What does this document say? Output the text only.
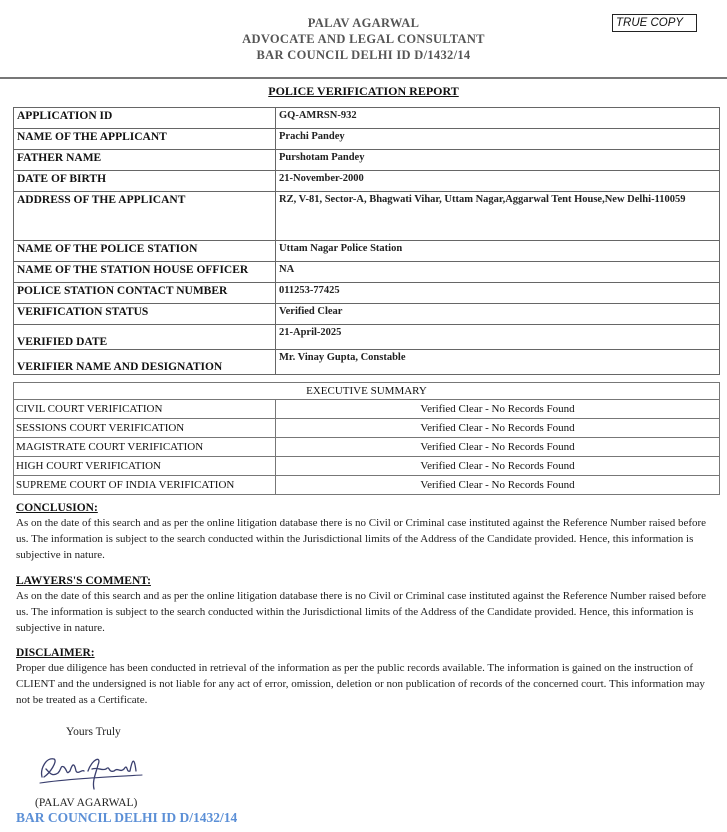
PALAV AGARWAL
ADVOCATE AND LEGAL CONSULTANT
BAR COUNCIL DELHI ID D/1432/14
TRUE COPY
POLICE VERIFICATION REPORT
APPLICATION ID	GQ-AMRSN-932
NAME OF THE APPLICANT	Prachi Pandey
FATHER NAME	Purshotam Pandey
DATE OF BIRTH	21-November-2000
ADDRESS OF THE APPLICANT	RZ, V-81, Sector-A, Bhagwati Vihar, Uttam Nagar,Aggarwal Tent House,New Delhi-110059
NAME OF THE POLICE STATION	Uttam Nagar Police Station
NAME OF THE STATION HOUSE OFFICER	NA
POLICE STATION CONTACT NUMBER	011253-77425
VERIFICATION STATUS	Verified Clear
VERIFIED DATE	21-April-2025
VERIFIER NAME AND DESIGNATION	Mr. Vinay Gupta, Constable
EXECUTIVE SUMMARY	
CIVIL COURT VERIFICATION	Verified Clear - No Records Found
SESSIONS COURT VERIFICATION	Verified Clear - No Records Found
MAGISTRATE COURT VERIFICATION	Verified Clear - No Records Found
HIGH COURT VERIFICATION	Verified Clear - No Records Found
SUPREME COURT OF INDIA VERIFICATION	Verified Clear - No Records Found
CONCLUSION:
As on the date of this search and as per the online litigation database there is no Civil or Criminal case instituted against the Reference Number raised before us. The information is subject to the search conducted within the Jurisdictional limits of the Address of the Candidate provided. Hence, this information is subjective in nature.
LAWYERS'S COMMENT:
As on the date of this search and as per the online litigation database there is no Civil or Criminal case instituted against the Reference Number raised before us. The information is subject to the search conducted within the Jurisdictional limits of the Address of the Candidate provided. Hence, this information is subjective in nature.
DISCLAIMER:
Proper due diligence has been conducted in retrieval of the information as per the public records available. The information is gained on the instruction of CLIENT and the undersigned is not liable for any act of error, omission, deletion or non publication of records of the concerned court. This information may not be treated as a Certificate.
Yours Truly
(PALAV AGARWAL)
BAR COUNCIL DELHI ID D/1432/14
